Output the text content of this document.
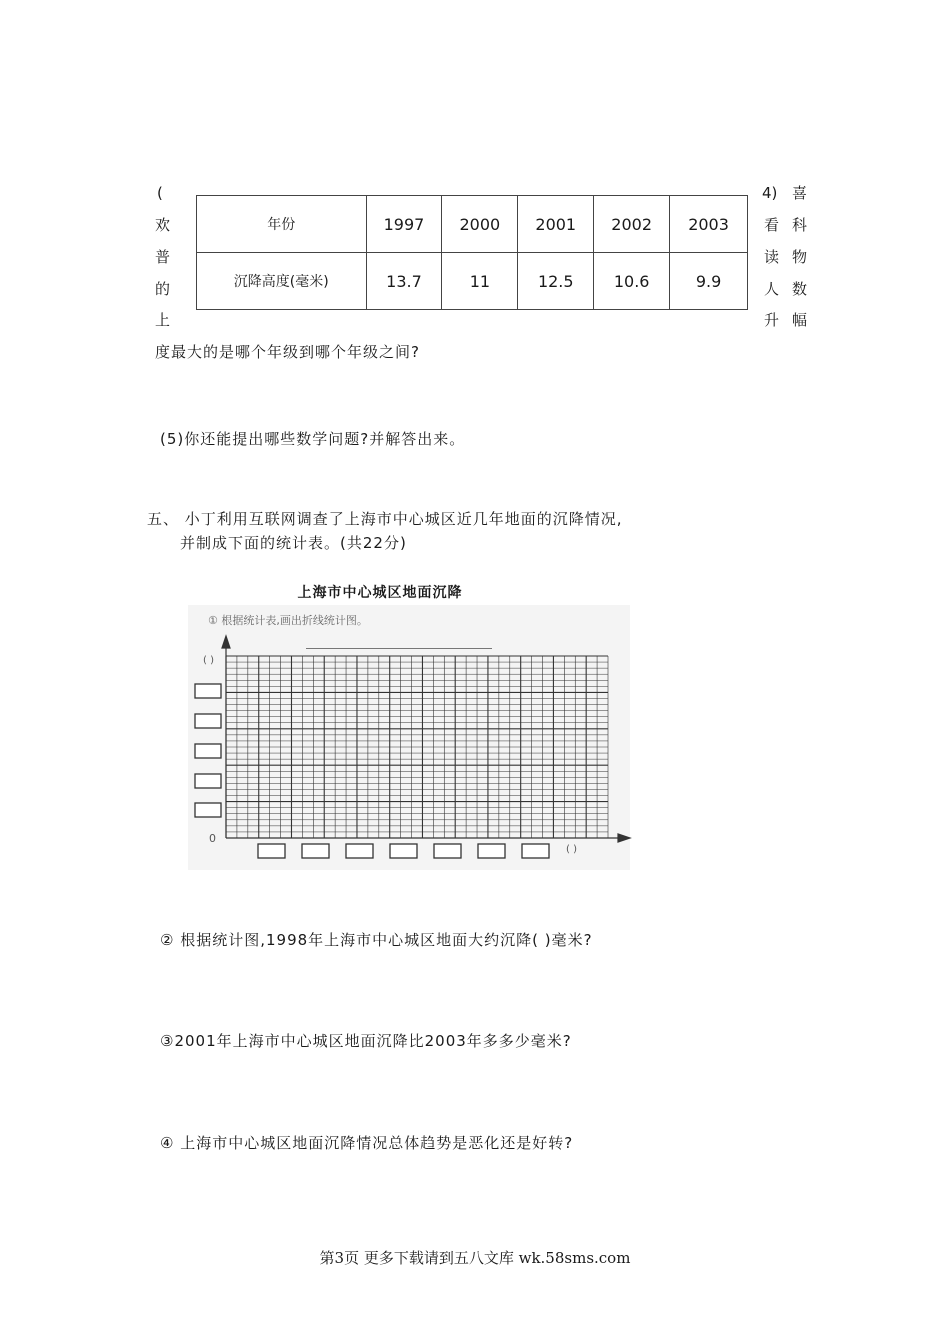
(
欢
普
的
上
4)
看
读
人
升
喜
科
物
数
幅
年份	1997	2000	2001	2002	2003
沉降高度(毫米)	13.7	11	12.5	10.6	9.9
度最大的是哪个年级到哪个年级之间?
(5)你还能提出哪些数学问题?并解答出来。
五、 小丁利用互联网调查了上海市中心城区近几年地面的沉降情况,
并制成下面的统计表。(共22分)
上海市中心城区地面沉降
① 根据统计表,画出折线统计图。
( )
0
( )
② 根据统计图,1998年上海市中心城区地面大约沉降( )毫米?
③2001年上海市中心城区地面沉降比2003年多多少毫米?
④ 上海市中心城区地面沉降情况总体趋势是恶化还是好转?
第3页 更多下载请到五八文库 wk.58sms.com
